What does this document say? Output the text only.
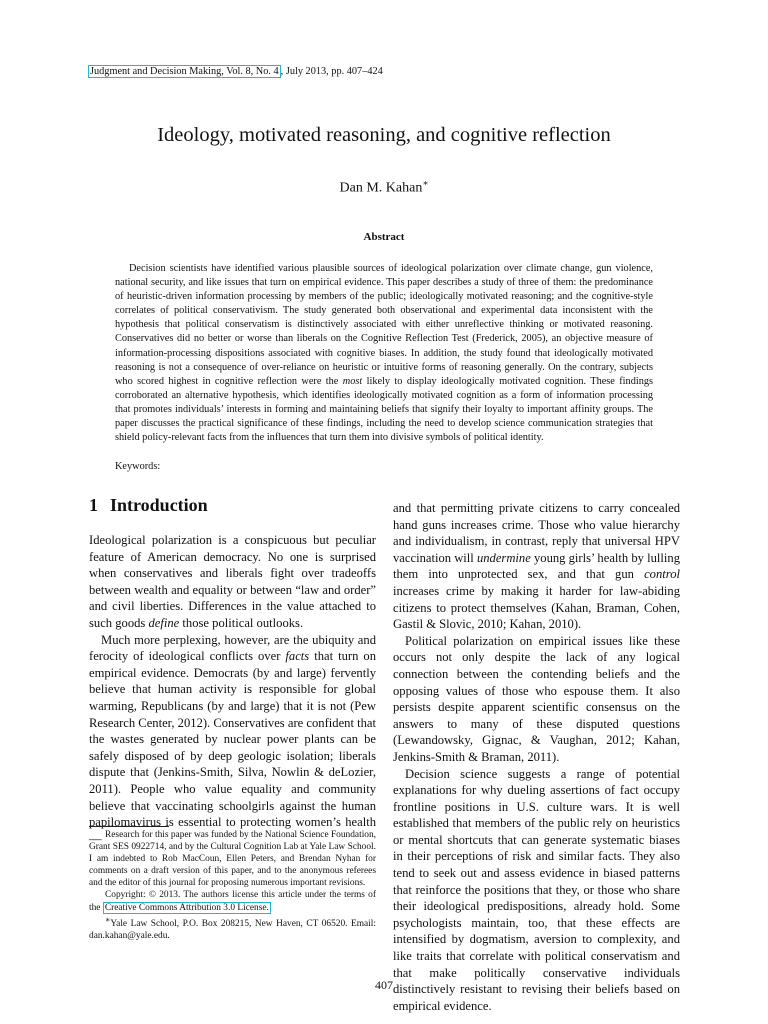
Judgment and Decision Making, Vol. 8, No. 4 , July 2013, pp. 407–424
Ideology, motivated reasoning, and cognitive reflection
Dan M. Kahan∗
Abstract

Decision scientists have identified various plausible sources of ideological polarization over climate change, gun violence, national security, and like issues that turn on empirical evidence. This paper describes a study of three of them: the predominance of heuristic-driven information processing by members of the public; ideologically motivated reasoning; and the cognitive-style correlates of political conservativism. The study generated both observational and experimental data inconsistent with the hypothesis that political conservatism is distinctively associated with either unreflective thinking or motivated reasoning. Conservatives did no better or worse than liberals on the Cognitive Reflection Test (Frederick, 2005), an objective measure of information-processing dispositions associated with cognitive biases. In addition, the study found that ideologically motivated reasoning is not a consequence of over-reliance on heuristic or intuitive forms of reasoning generally. On the contrary, subjects who scored highest in cognitive reflection were the most likely to display ideologically motivated cognition. These findings corroborated an alternative hypothesis, which identifies ideologically motivated cognition as a form of information processing that promotes individuals’ interests in forming and maintaining beliefs that signify their loyalty to important affinity groups. The paper discusses the practical significance of these findings, including the need to develop science communication strategies that shield policy-relevant facts from the influences that turn them into divisive symbols of political identity.

Keywords:
1 Introduction

Ideological polarization is a conspicuous but peculiar feature of American democracy. No one is surprised when conservatives and liberals fight over tradeoffs between wealth and equality or between “law and order” and civil liberties. Differences in the value attached to such goods define those political outlooks.

Much more perplexing, however, are the ubiquity and ferocity of ideological conflicts over facts that turn on empirical evidence. Democrats (by and large) fervently believe that human activity is responsible for global warming, Republicans (by and large) that it is not (Pew Research Center, 2012). Conservatives are confident that the wastes generated by nuclear power plants can be safely disposed of by deep geologic isolation; liberals dispute that (Jenkins-Smith, Silva, Nowlin & deLozier, 2011). People who value equality and community believe that vaccinating schoolgirls against the human papilomavirus is essential to protecting women’s health—

and that permitting private citizens to carry concealed hand guns increases crime. Those who value hierarchy and individualism, in contrast, reply that universal HPV vaccination will undermine young girls’ health by lulling them into unprotected sex, and that gun control increases crime by making it harder for law-abiding citizens to protect themselves (Kahan, Braman, Cohen, Gastil & Slovic, 2010; Kahan, 2010).

Political polarization on empirical issues like these occurs not only despite the lack of any logical connection between the contending beliefs and the opposing values of those who espouse them. It also persists despite apparent scientific consensus on the answers to many of these disputed questions (Lewandowsky, Gignac, & Vaughan, 2012; Kahan, Jenkins-Smith & Braman, 2011).

Decision science suggests a range of potential explanations for why dueling assertions of fact occupy frontline positions in U.S. culture wars. It is well established that members of the public rely on heuristics or mental shortcuts that can generate systematic biases in their perceptions of risk and similar facts. They also tend to seek out and assess evidence in biased patterns that reinforce the positions that they, or those who share their ideological predispositions, already hold. Some psychologists maintain, too, that these effects are intensified by dogmatism, aversion to complexity, and like traits that correlate with political conservatism and that make politically conservative individuals distinctively resistant to revising their beliefs based on empirical evidence.

Research for this paper was funded by the National Science Foundation, Grant SES 0922714, and by the Cultural Cognition Lab at Yale Law School. I am indebted to Rob MacCoun, Ellen Peters, and Brendan Nyhan for comments on a draft version of this paper, and to the anonymous referees and the editor of this journal for proposing numerous important revisions.

Copyright: © 2013. The authors license this article under the terms of the Creative Commons Attribution 3.0 License.

∗Yale Law School, P.O. Box 208215, New Haven, CT 06520. Email: dan.kahan@yale.edu.

407
